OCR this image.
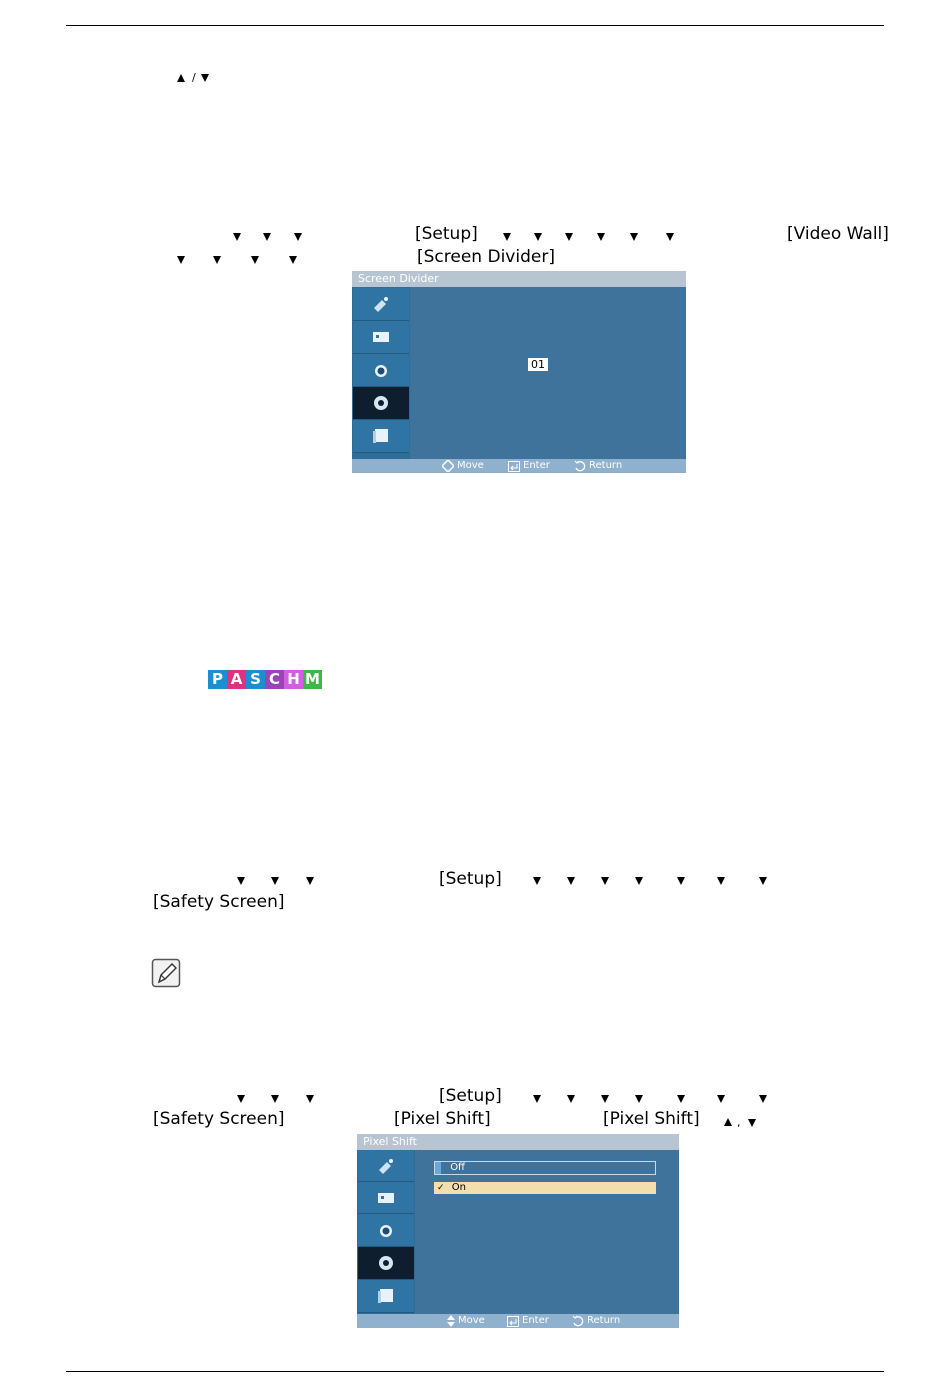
/
[Setup]	[Video Wall]
[Screen Divider]
Screen Divider
01
Move	Enter	Return
P A S C H M
[Setup]
[Safety Screen]
[Setup]
[Safety Screen]	[Pixel Shift]	[Pixel Shift]	,
Pixel Shift
Off
✓ On
Move	Enter	Return
